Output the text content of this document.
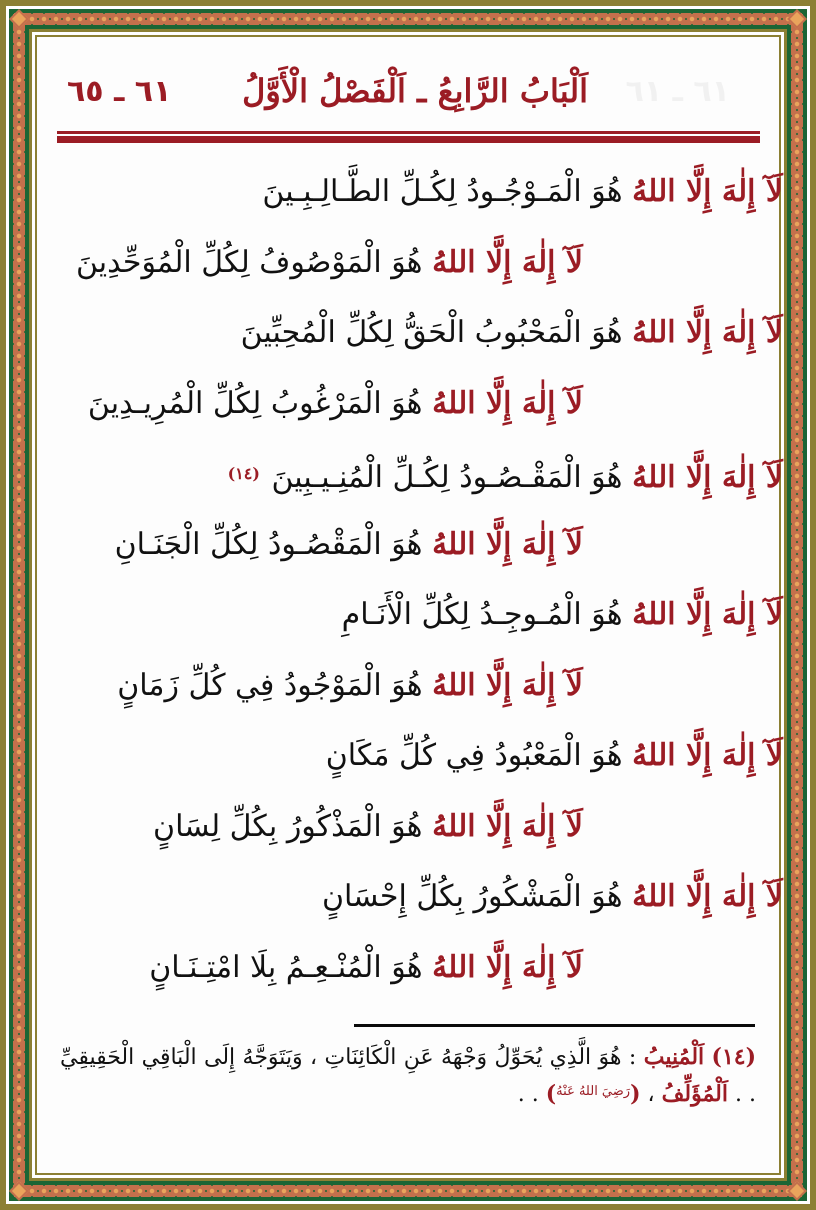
٦١ ـ ٦١
اَلْبَابُ الرَّابِعُ ـ اَلْفَصْلُ الْأَوَّلُ
٦١ ـ ٦٥
لَآ إِلٰهَ إِلَّا اللهُ هُوَ الْمَـوْجُـودُ لِكُـلِّ الطَّـالِـبِـينَ
لَآ إِلٰهَ إِلَّا اللهُ هُوَ الْمَوْصُوفُ لِكُلِّ الْمُوَحِّدِينَ
لَآ إِلٰهَ إِلَّا اللهُ هُوَ الْمَحْبُوبُ الْحَقُّ لِكُلِّ الْمُحِبِّينَ
لَآ إِلٰهَ إِلَّا اللهُ هُوَ الْمَرْغُوبُ لِكُلِّ الْمُرِيـدِينَ
لَآ إِلٰهَ إِلَّا اللهُ هُوَ الْمَقْـصُـودُ لِكُـلِّ الْمُنِـيـبِينَ $^{(١٤)}$
لَآ إِلٰهَ إِلَّا اللهُ هُوَ الْمَقْصُـودُ لِكُلِّ الْجَنَـانِ
لَآ إِلٰهَ إِلَّا اللهُ هُوَ الْمُـوجِـدُ لِكُلِّ الْأَنَـامِ
لَآ إِلٰهَ إِلَّا اللهُ هُوَ الْمَوْجُودُ فِي كُلِّ زَمَانٍ
لَآ إِلٰهَ إِلَّا اللهُ هُوَ الْمَعْبُودُ فِي كُلِّ مَكَانٍ
لَآ إِلٰهَ إِلَّا اللهُ هُوَ الْمَذْكُورُ بِكُلِّ لِسَانٍ
لَآ إِلٰهَ إِلَّا اللهُ هُوَ الْمَشْكُورُ بِكُلِّ إِحْسَانٍ
لَآ إِلٰهَ إِلَّا اللهُ هُوَ الْمُنْـعِـمُ بِلَا امْتِـنَـانٍ
(١٤) اَلْمُنِيبُ : هُوَ الَّذِي يُحَوِّلُ وَجْهَهُ عَنِ الْكَائِنَاتِ ، وَيَتَوَجَّهُ إِلَى الْبَاقِي الْحَقِيقِيِّ . . اَلْمُؤَلِّفُ ، ($^{رَضِيَ اللهُ عَنْهُ}$) . .
